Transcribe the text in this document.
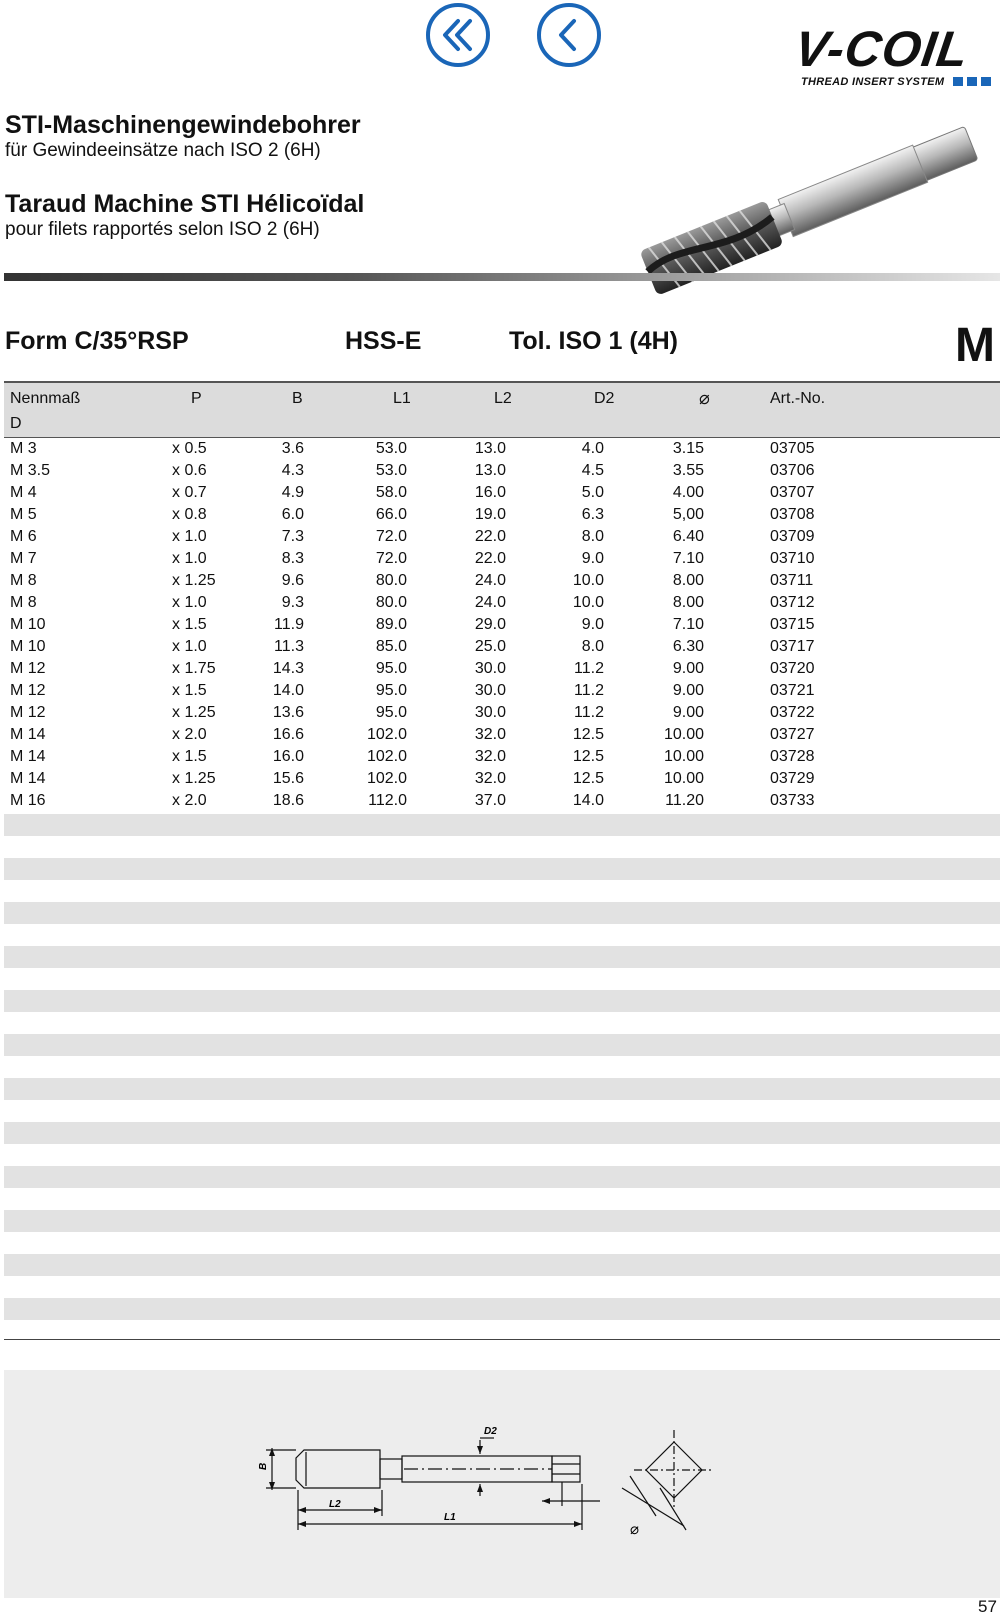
V-COIL
THREAD INSERT SYSTEM
STI-Maschinengewindebohrer
für Gewindeeinsätze nach ISO 2 (6H)
Taraud Machine STI Hélicoïdal
pour filets rapportés selon ISO 2 (6H)
Form C/35°RSP	HSS-E	Tol. ISO 1 (4H)	M
Nennmaß
D
P	B	L1	L2	D2	⌀	Art.-No.
M 3	x 0.5	3.6	53.0	13.0	4.0	3.15	03705
M 3.5	x 0.6	4.3	53.0	13.0	4.5	3.55	03706
M 4	x 0.7	4.9	58.0	16.0	5.0	4.00	03707
M 5	x 0.8	6.0	66.0	19.0	6.3	5,00	03708
M 6	x 1.0	7.3	72.0	22.0	8.0	6.40	03709
M 7	x 1.0	8.3	72.0	22.0	9.0	7.10	03710
M 8	x 1.25	9.6	80.0	24.0	10.0	8.00	03711
M 8	x 1.0	9.3	80.0	24.0	10.0	8.00	03712
M 10	x 1.5	11.9	89.0	29.0	9.0	7.10	03715
M 10	x 1.0	11.3	85.0	25.0	8.0	6.30	03717
M 12	x 1.75	14.3	95.0	30.0	11.2	9.00	03720
M 12	x 1.5	14.0	95.0	30.0	11.2	9.00	03721
M 12	x 1.25	13.6	95.0	30.0	11.2	9.00	03722
M 14	x 2.0	16.6	102.0	32.0	12.5	10.00	03727
M 14	x 1.5	16.0	102.0	32.0	12.5	10.00	03728
M 14	x 1.25	15.6	102.0	32.0	12.5	10.00	03729
M 16	x 2.0	18.6	112.0	37.0	14.0	11.20	03733
B
D2
L2
L1
⌀
57
